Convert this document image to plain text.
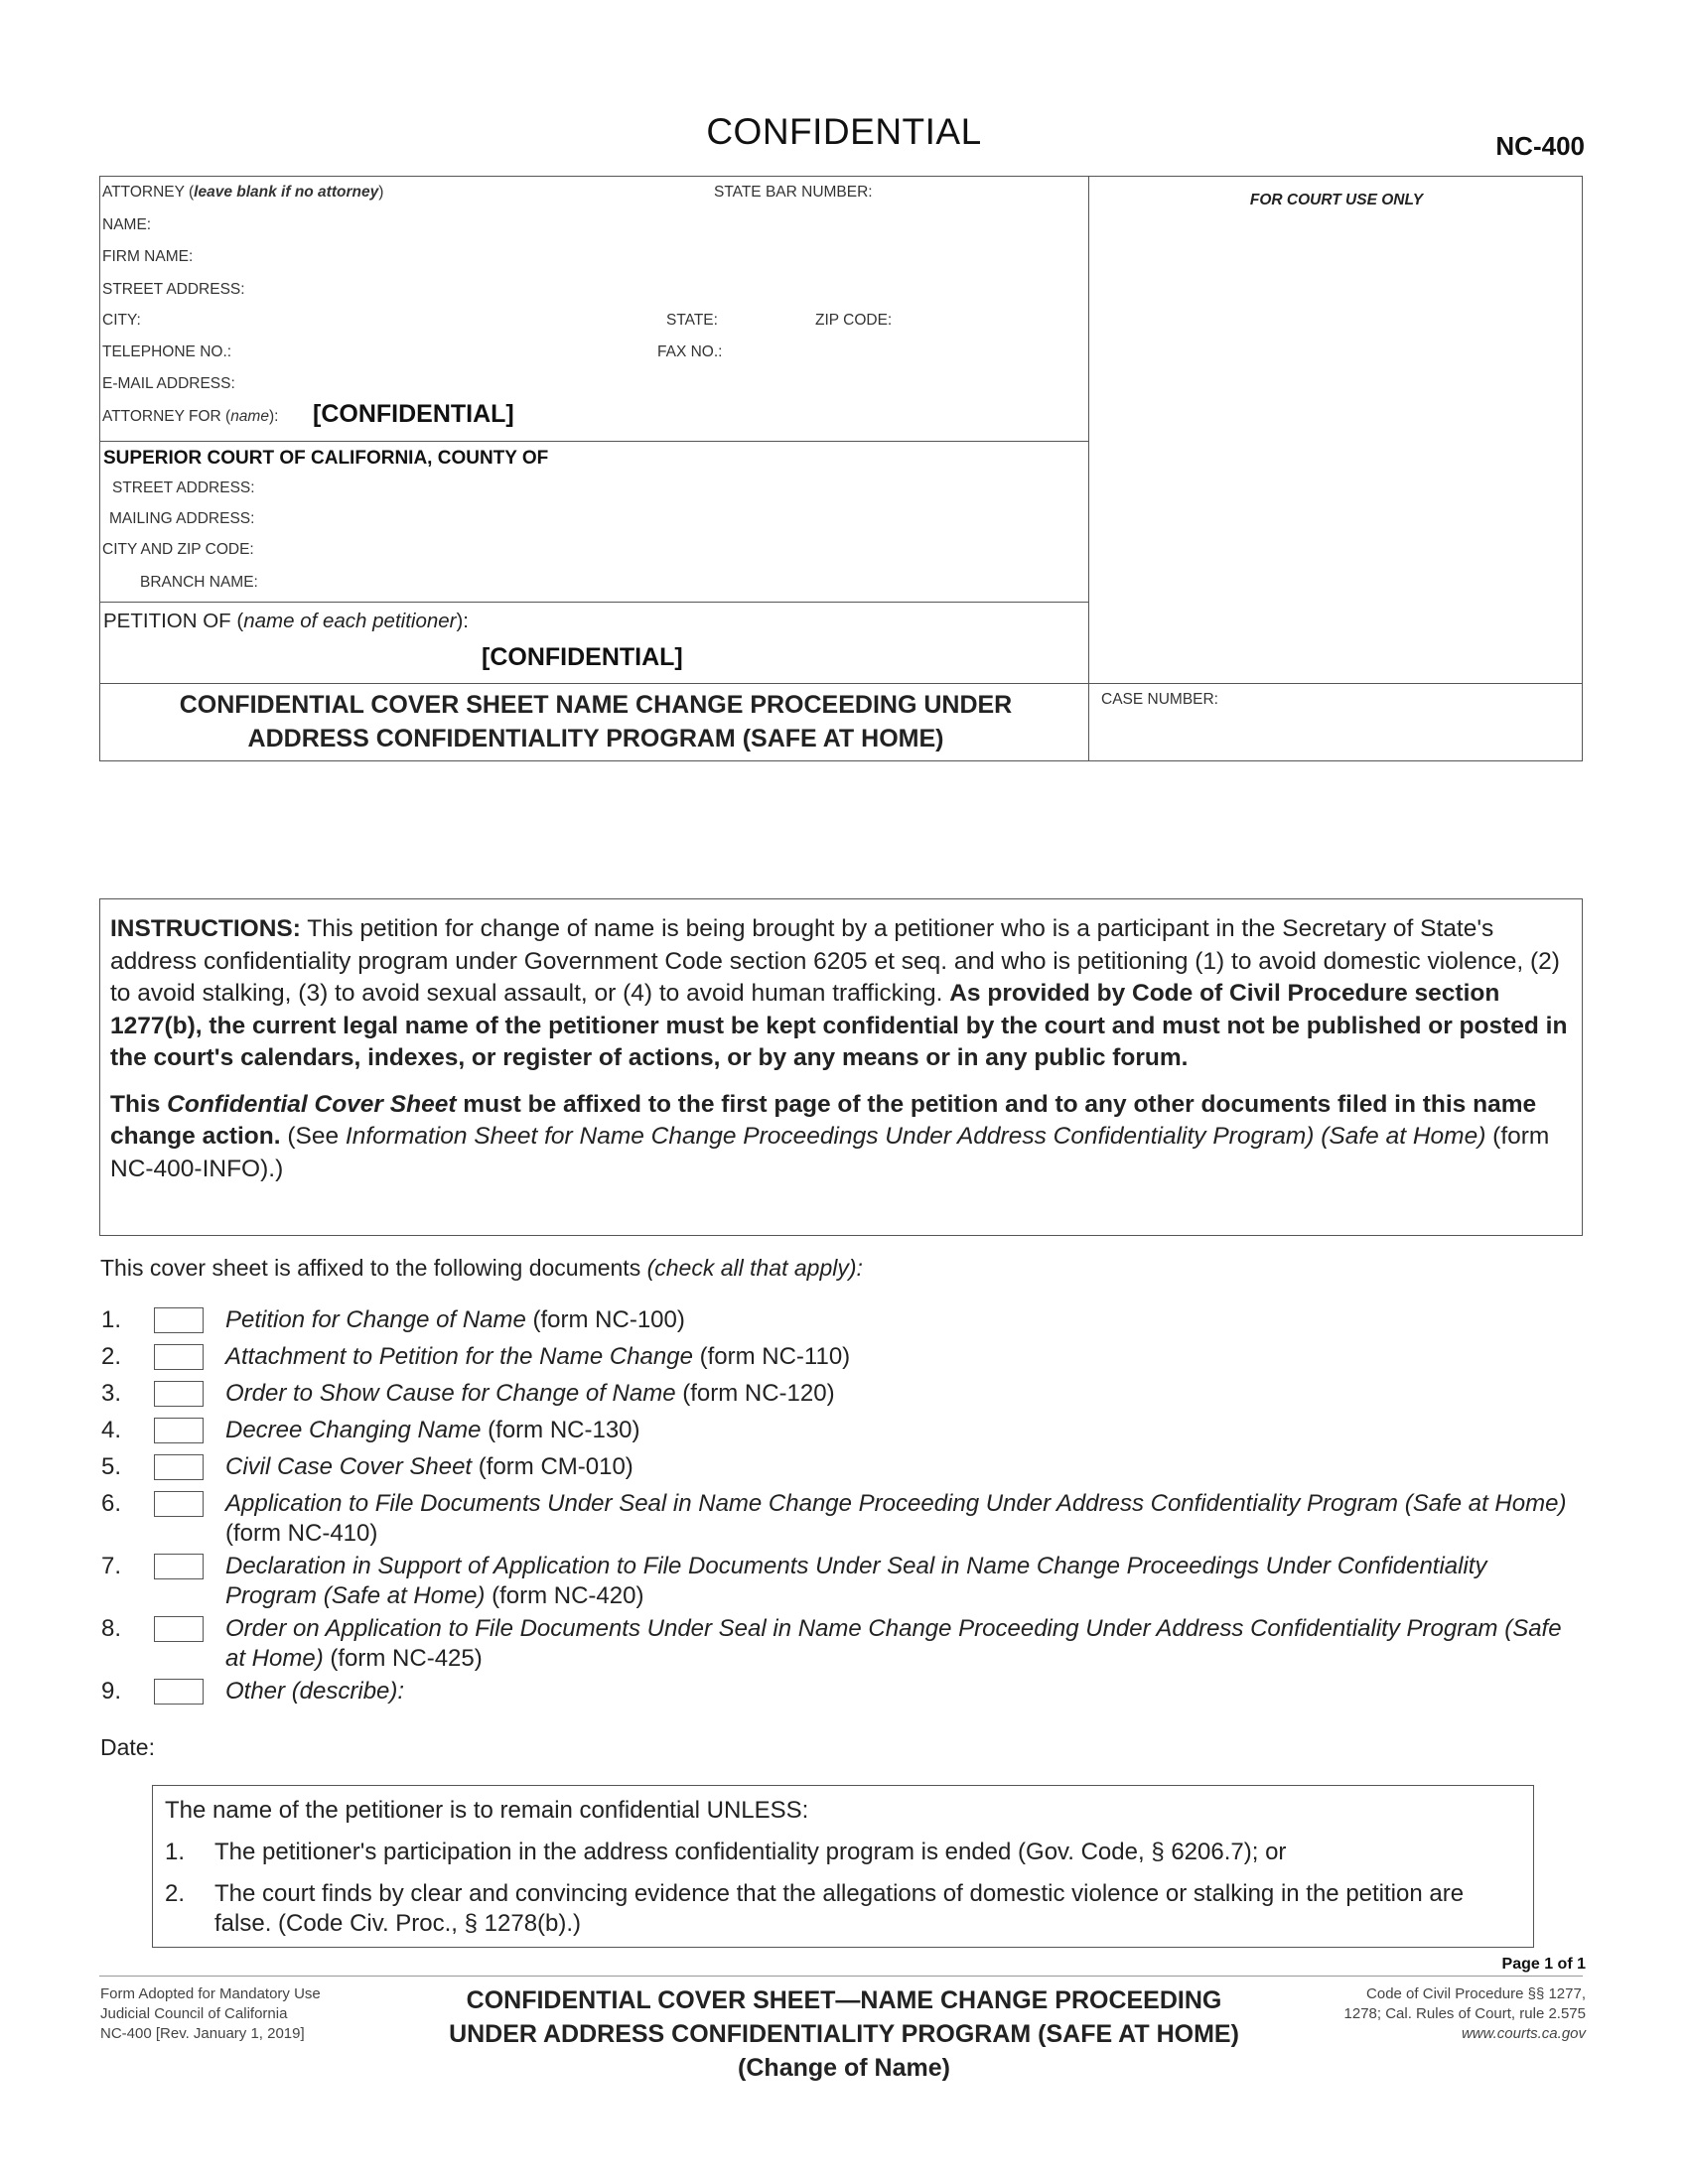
CONFIDENTIAL	NC-400
ATTORNEY (leave blank if no attorney)	STATE BAR NUMBER:
NAME:
FIRM NAME:
STREET ADDRESS:
CITY:	STATE:	ZIP CODE:
TELEPHONE NO.:	FAX NO.:
E-MAIL ADDRESS:
ATTORNEY FOR (name): [CONFIDENTIAL]
FOR COURT USE ONLY
SUPERIOR COURT OF CALIFORNIA, COUNTY OF
STREET ADDRESS:
MAILING ADDRESS:
CITY AND ZIP CODE:
BRANCH NAME:
PETITION OF (name of each petitioner):
[CONFIDENTIAL]
CONFIDENTIAL COVER SHEET NAME CHANGE PROCEEDING UNDER
ADDRESS CONFIDENTIALITY PROGRAM (SAFE AT HOME)
CASE NUMBER:

INSTRUCTIONS: This petition for change of name is being brought by a petitioner who is a participant in the Secretary of State's address confidentiality program under Government Code section 6205 et seq. and who is petitioning (1) to avoid domestic violence, (2) to avoid stalking, (3) to avoid sexual assault, or (4) to avoid human trafficking. As provided by Code of Civil Procedure section 1277(b), the current legal name of the petitioner must be kept confidential by the court and must not be published or posted in the court's calendars, indexes, or register of actions, or by any means or in any public forum.

This Confidential Cover Sheet must be affixed to the first page of the petition and to any other documents filed in this name change action. (See Information Sheet for Name Change Proceedings Under Address Confidentiality Program) (Safe at Home) (form NC-400-INFO).)

This cover sheet is affixed to the following documents (check all that apply):
1.	Petition for Change of Name (form NC-100)
2.	Attachment to Petition for the Name Change (form NC-110)
3.	Order to Show Cause for Change of Name (form NC-120)
4.	Decree Changing Name (form NC-130)
5.	Civil Case Cover Sheet (form CM-010)
6.	Application to File Documents Under Seal in Name Change Proceeding Under Address Confidentiality Program (Safe at Home) (form NC-410)
7.	Declaration in Support of Application to File Documents Under Seal in Name Change Proceedings Under Confidentiality Program (Safe at Home) (form NC-420)
8.	Order on Application to File Documents Under Seal in Name Change Proceeding Under Address Confidentiality Program (Safe at Home) (form NC-425)
9.	Other (describe):
Date:
The name of the petitioner is to remain confidential UNLESS:
1.	The petitioner's participation in the address confidentiality program is ended (Gov. Code, § 6206.7); or
2.	The court finds by clear and convincing evidence that the allegations of domestic violence or stalking in the petition are false. (Code Civ. Proc., § 1278(b).)
Page 1 of 1
Form Adopted for Mandatory Use
Judicial Council of California
NC-400 [Rev. January 1, 2019]
CONFIDENTIAL COVER SHEET—NAME CHANGE PROCEEDING
UNDER ADDRESS CONFIDENTIALITY PROGRAM (SAFE AT HOME)
(Change of Name)
Code of Civil Procedure §§ 1277,
1278; Cal. Rules of Court, rule 2.575
www.courts.ca.gov
